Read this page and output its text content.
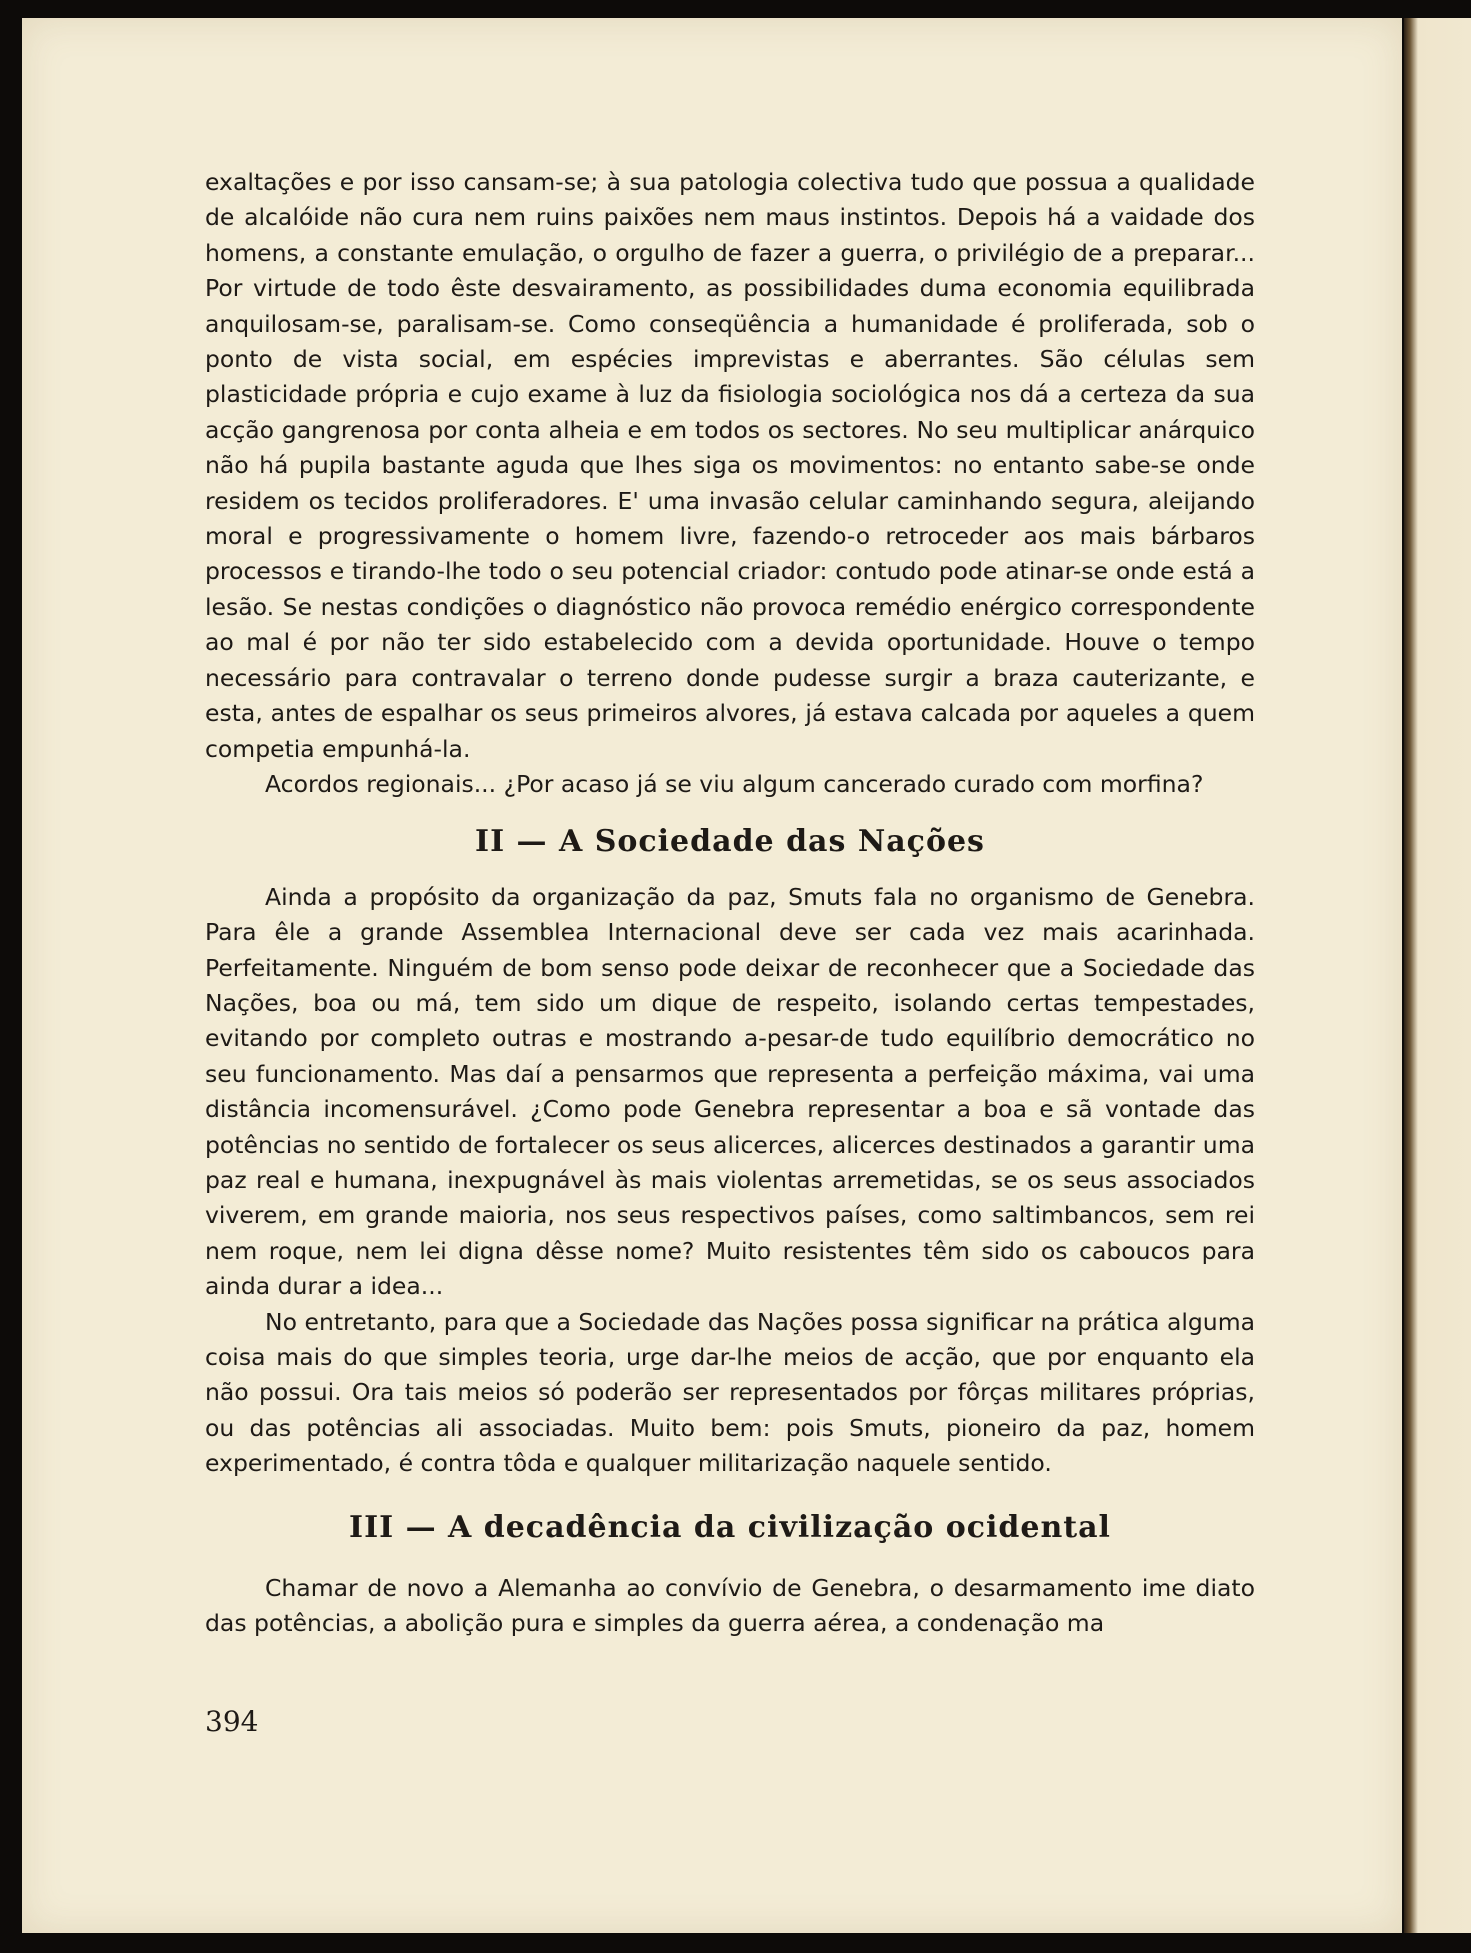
exaltações e por isso cansam-se; à sua patologia colectiva tudo que possua a qualidade de alcalóide não cura nem ruins paixões nem maus instintos. Depois há a vaidade dos homens, a constante emulação, o orgulho de fazer a guerra, o privilégio de a preparar... Por virtude de todo êste desvairamento, as possibilidades duma economia equilibrada anquilosam-se, paralisam-se. Como conseqüência a humanidade é proliferada, sob o ponto de vista social, em espécies imprevistas e aberrantes. São células sem plasticidade própria e cujo exame à luz da fisiologia sociológica nos dá a certeza da sua acção gangrenosa por conta alheia e em todos os sectores. No seu multiplicar anárquico não há pupila bastante aguda que lhes siga os movimentos: no entanto sabe-se onde residem os tecidos proliferadores. E' uma invasão celular caminhando segura, aleijando moral e progressivamente o homem livre, fazendo-o retroceder aos mais bárbaros processos e tirando-lhe todo o seu potencial criador: contudo pode atinar-se onde está a lesão. Se nestas condições o diagnóstico não provoca remédio enérgico correspondente ao mal é por não ter sido estabelecido com a devida oportunidade. Houve o tempo necessário para contravalar o terreno donde pudesse surgir a braza cauterizante, e esta, antes de espalhar os seus primeiros alvores, já estava calcada por aqueles a quem competia empunhá-la.

Acordos regionais... ¿Por acaso já se viu algum cancerado curado com morfina?

II — A Sociedade das Nações

Ainda a propósito da organização da paz, Smuts fala no organismo de Genebra. Para êle a grande Assemblea Internacional deve ser cada vez mais acarinhada. Perfeitamente. Ninguém de bom senso pode deixar de reconhecer que a Sociedade das Nações, boa ou má, tem sido um dique de respeito, isolando certas tempestades, evitando por completo outras e mostrando a-pesar-de tudo equilíbrio democrático no seu funcionamento. Mas daí a pensarmos que representa a perfeição máxima, vai uma distância incomensurável. ¿Como pode Genebra representar a boa e sã vontade das potências no sentido de fortalecer os seus alicerces, alicerces destinados a garantir uma paz real e humana, inexpugnável às mais violentas arremetidas, se os seus associados viverem, em grande maioria, nos seus respectivos países, como saltimbancos, sem rei nem roque, nem lei digna dêsse nome? Muito resistentes têm sido os caboucos para ainda durar a idea...

No entretanto, para que a Sociedade das Nações possa significar na prática alguma coisa mais do que simples teoria, urge dar-lhe meios de acção, que por enquanto ela não possui. Ora tais meios só poderão ser representados por fôrças militares próprias, ou das potências ali associadas. Muito bem: pois Smuts, pioneiro da paz, homem experimentado, é contra tôda e qualquer militarização naquele sentido.

III — A decadência da civilização ocidental

Chamar de novo a Alemanha ao convívio de Genebra, o desarmamento ime diato das potências, a abolição pura e simples da guerra aérea, a condenação ma

394
